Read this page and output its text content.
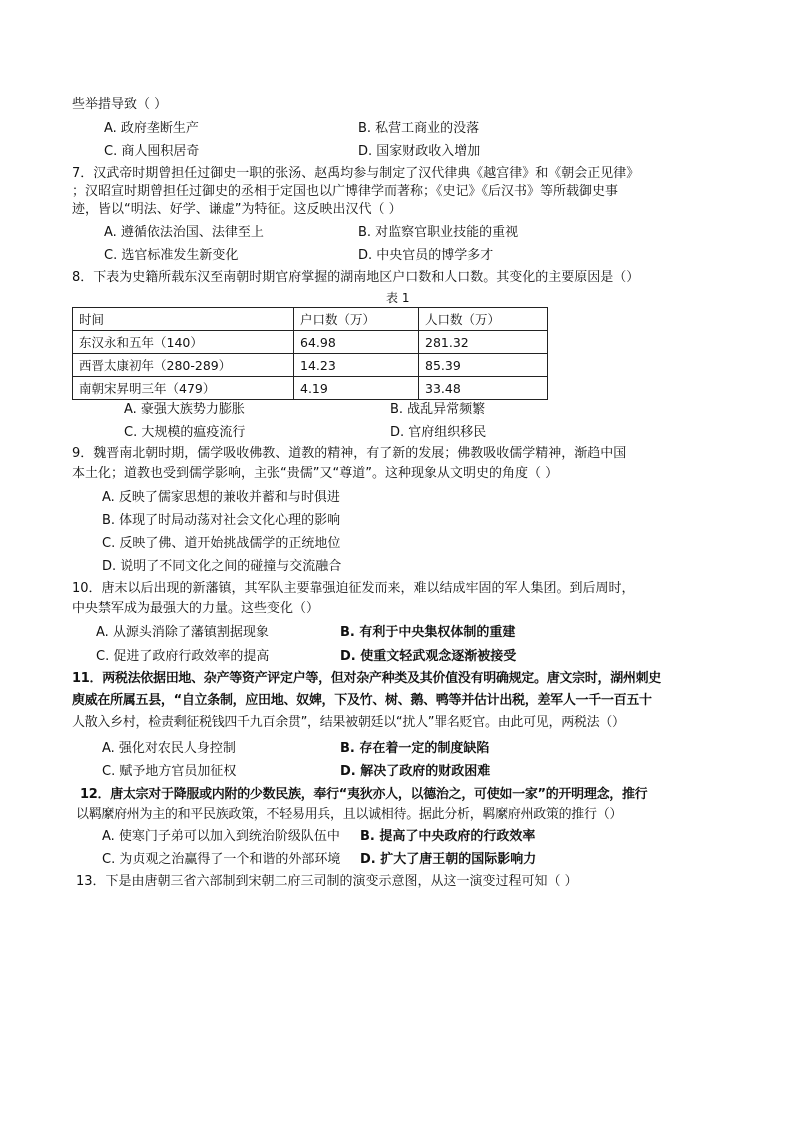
些举措导致（ ）
A. 政府垄断生产	B. 私营工商业的没落
C. 商人囤积居奇	D. 国家财政收入增加
7．汉武帝时期曾担任过御史一职的张汤、赵禹均参与制定了汉代律典《越宫律》和《朝会正见律》
；汉昭宣时期曾担任过御史的丞相于定国也以广博律学而著称；《史记》《后汉书》等所载御史事
迹，皆以“明法、好学、谦虚”为特征。这反映出汉代（ ）
A. 遵循依法治国、法律至上	B. 对监察官职业技能的重视
C. 选官标准发生新变化	D. 中央官员的博学多才
8．下表为史籍所载东汉至南朝时期官府掌握的湖南地区户口数和人口数。其变化的主要原因是（）
表 1
时间	户口数（万）	人口数（万）
东汉永和五年（140）	64.98	281.32
西晋太康初年（280-289）	14.23	85.39
南朝宋昇明三年（479）	4.19	33.48
A. 豪强大族势力膨胀	B. 战乱异常频繁
C. 大规模的瘟疫流行	D. 官府组织移民
9．魏晋南北朝时期，儒学吸收佛教、道教的精神，有了新的发展；佛教吸收儒学精神，渐趋中国
本土化；道教也受到儒学影响，主张“贵儒”又“尊道”。这种现象从文明史的角度（ ）
A. 反映了儒家思想的兼收并蓄和与时俱进
B. 体现了时局动荡对社会文化心理的影响
C. 反映了佛、道开始挑战儒学的正统地位
D. 说明了不同文化之间的碰撞与交流融合
10．唐末以后出现的新藩镇，其军队主要靠强迫征发而来，难以结成牢固的军人集团。到后周时，
中央禁军成为最强大的力量。这些变化（）
A. 从源头消除了藩镇割据现象	B. 有利于中央集权体制的重建
C. 促进了政府行政效率的提高	D. 使重文轻武观念逐渐被接受
11．两税法依据田地、杂产等资产评定户等，但对杂产种类及其价值没有明确规定。唐文宗时，湖州刺史
庾威在所属五县，“自立条制，应田地、奴婢，下及竹、树、鹅、鸭等并估计出税，差军人一千一百五十
人散入乡村，检责剩征税钱四千九百余贯”，结果被朝廷以“扰人”罪名贬官。由此可见，两税法（）
A. 强化对农民人身控制	B. 存在着一定的制度缺陷
C. 赋予地方官员加征权	D. 解决了政府的财政困难
12．唐太宗对于降服或内附的少数民族，奉行“夷狄亦人，以德治之，可使如一家”的开明理念，推行
以羁縻府州为主的和平民族政策，不轻易用兵，且以诚相待。据此分析，羁縻府州政策的推行（）
A. 使寒门子弟可以加入到统治阶级队伍中 B. 提高了中央政府的行政效率
C. 为贞观之治赢得了一个和谐的外部环境 D. 扩大了唐王朝的国际影响力
13．下是由唐朝三省六部制到宋朝二府三司制的演变示意图，从这一演变过程可知（ ）
